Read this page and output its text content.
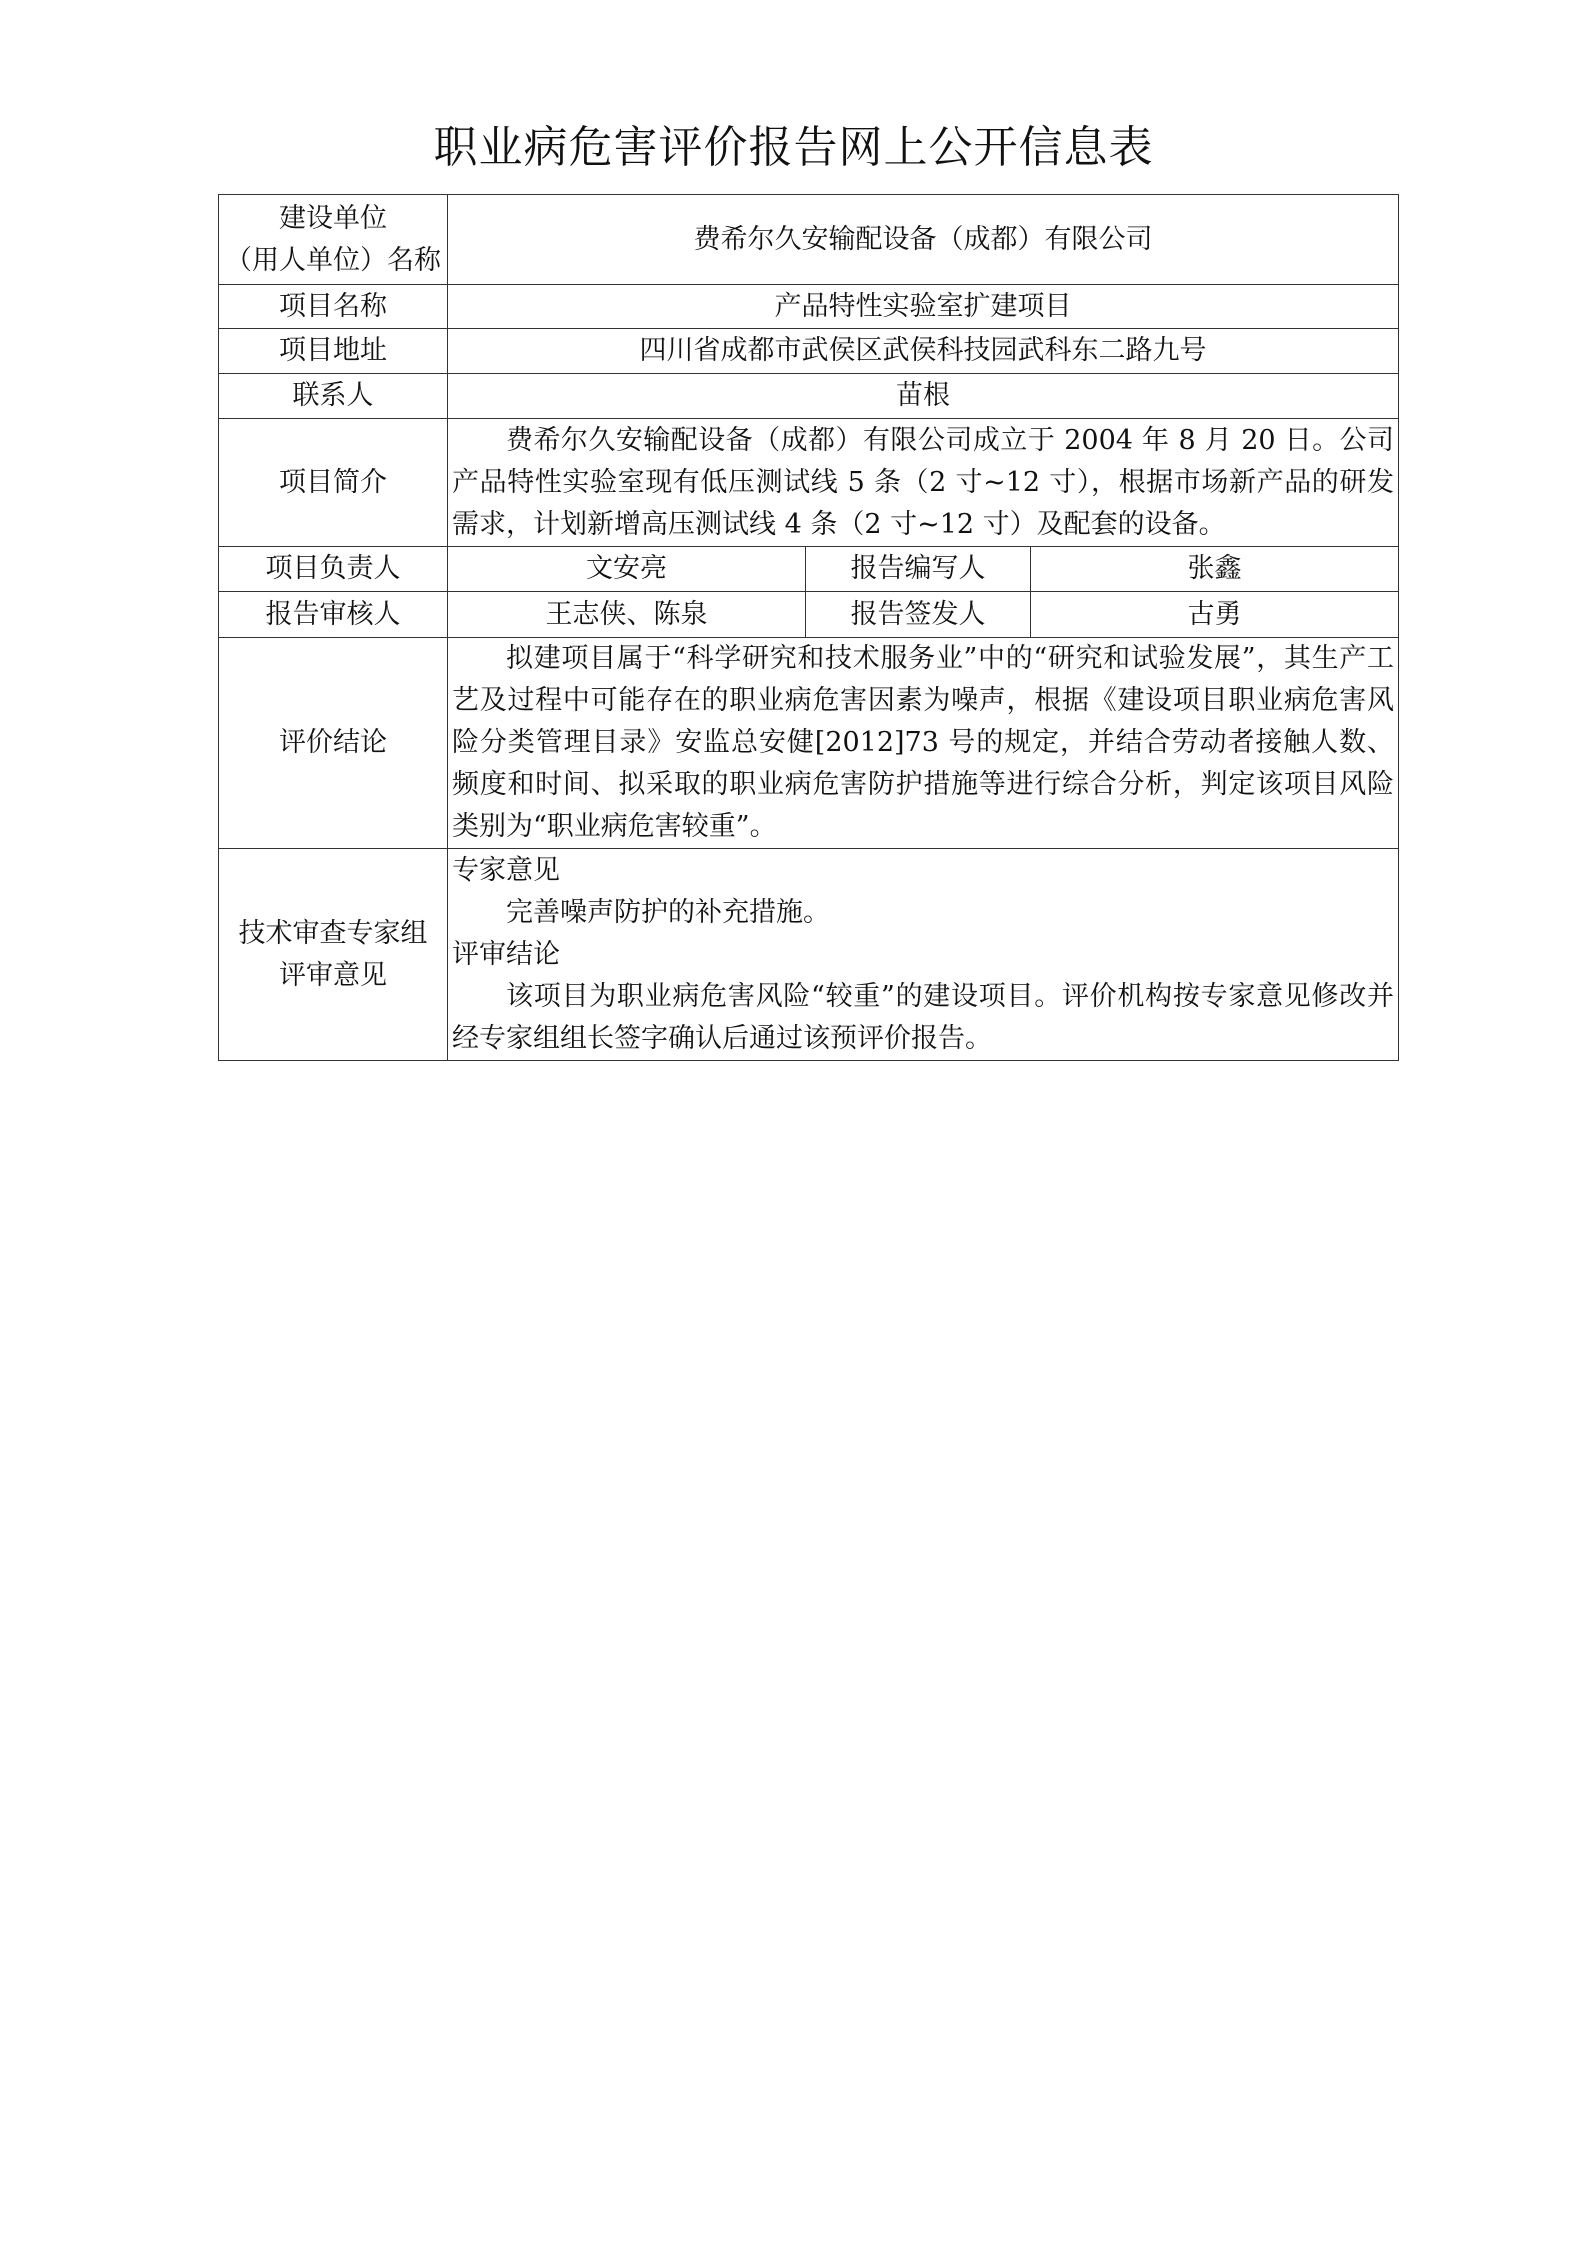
职业病危害评价报告网上公开信息表
建设单位
（用人单位）名称	费希尔久安输配设备（成都）有限公司		
项目名称	产品特性实验室扩建项目		
项目地址	四川省成都市武侯区武侯科技园武科东二路九号		
联系人	苗根		
项目简介	费希尔久安输配设备（成都）有限公司成立于 2004 年 8 月 20 日。公司产品特性实验室现有低压测试线 5 条（2 寸~12 寸），根据市场新产品的研发需求，计划新增高压测试线 4 条（2 寸~12 寸）及配套的设备。		

项目负责人	文安亮	报告编写人	张鑫
报告审核人	王志侠、陈泉	报告签发人	古勇
评价结论	拟建项目属于“科学研究和技术服务业”中的“研究和试验发展”，其生产工艺及过程中可能存在的职业病危害因素为噪声，根据《建设项目职业病危害风险分类管理目录》安监总安健[2012]73 号的规定，并结合劳动者接触人数、频度和时间、拟采取的职业病危害防护措施等进行综合分析，判定该项目风险类别为“职业病危害较重”。		

技术审查专家组
评审意见	专家意见
完善噪声防护的补充措施。
评审结论
该项目为职业病危害风险“较重”的建设项目。评价机构按专家意见修改并经专家组组长签字确认后通过该预评价报告。		
